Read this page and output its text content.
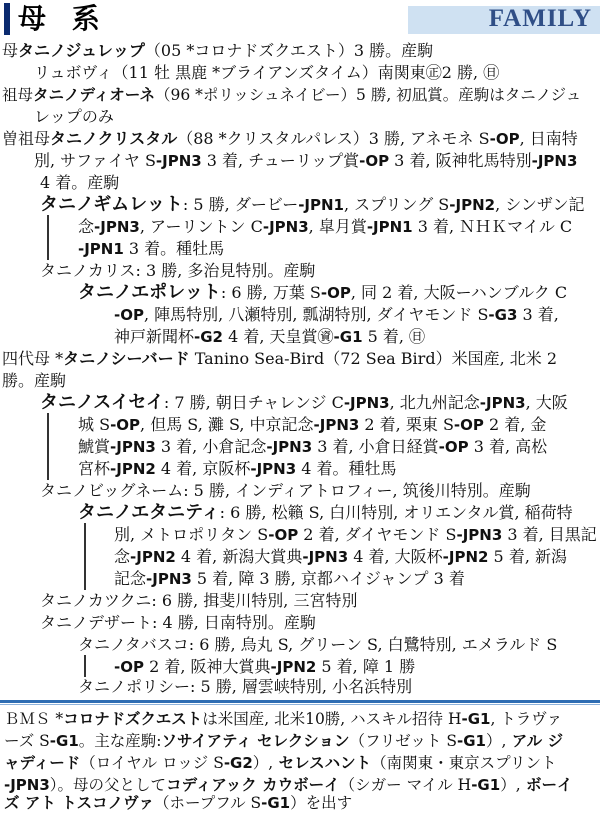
母 系	FAMILY
母タニノジュレップ（05 *コロナドズクエスト）3 勝。産駒
リュボヴィ（11 牡 黒鹿 *ブライアンズタイム）南関東㊣2 勝, ㊐
祖母タニノディオーネ（96 *ポリッシュネイビー）5 勝, 初凪賞。産駒はタニノジュ
レップのみ
曽祖母タニノクリスタル（88 *クリスタルパレス）3 勝, アネモネ S-OP, 日南特
別, サファイヤ S-JPN3 3 着, チューリップ賞-OP 3 着, 阪神牝馬特別-JPN3
4 着。産駒
タニノギムレット: 5 勝, ダービー-JPN1, スプリング S-JPN2, シンザン記
念-JPN3, アーリントン C-JPN3, 皐月賞-JPN1 3 着, ＮＨＫマイル C
-JPN1 3 着。種牡馬
タニノカリス: 3 勝, 多治見特別。産駒
タニノエポレット: 6 勝, 万葉 S-OP, 同 2 着, 大阪ーハンブルク C
-OP, 陣馬特別, 八瀬特別, 瓢湖特別, ダイヤモンド S-G3 3 着,
神戸新聞杯-G2 4 着, 天皇賞㊮-G1 5 着, ㊐
四代母 *タニノシーバード Tanino Sea-Bird（72 Sea Bird）米国産, 北米 2
勝。産駒
タニノスイセイ: 7 勝, 朝日チャレンジ C-JPN3, 北九州記念-JPN3, 大阪
城 S-OP, 但馬 S, 灘 S, 中京記念-JPN3 2 着, 栗東 S-OP 2 着, 金
鯱賞-JPN3 3 着, 小倉記念-JPN3 3 着, 小倉日経賞-OP 3 着, 高松
宮杯-JPN2 4 着, 京阪杯-JPN3 4 着。種牡馬
タニノビッグネーム: 5 勝, インディアトロフィー, 筑後川特別。産駒
タニノエタニティ: 6 勝, 松籟 S, 白川特別, オリエンタル賞, 稲荷特
別, メトロポリタン S-OP 2 着, ダイヤモンド S-JPN3 3 着, 目黒記
念-JPN2 4 着, 新潟大賞典-JPN3 4 着, 大阪杯-JPN2 5 着, 新潟
記念-JPN3 5 着, 障 3 勝, 京都ハイジャンプ 3 着
タニノカツクニ: 6 勝, 揖斐川特別, 三宮特別
タニノデザート: 4 勝, 日南特別。産駒
タニノタバスコ: 6 勝, 烏丸 S, グリーン S, 白鷺特別, エメラルド S
-OP 2 着, 阪神大賞典-JPN2 5 着, 障 1 勝
タニノポリシー: 5 勝, 層雲峡特別, 小名浜特別
ＢＭＳ *コロナドズクエストは米国産, 北米10勝, ハスキル招待 H-G1, トラヴァ
ーズ S-G1。主な産駒:ソサイアティ セレクション（フリゼット S-G1）, アル ジ
ャディード（ロイヤル ロッジ S-G2）, セレスハント（南関東・東京スプリント
-JPN3）。母の父としてコディアック カウボーイ（シガー マイル H-G1）, ボーイ
ズ アト トスコノヴァ（ホープフル S-G1）を出す
